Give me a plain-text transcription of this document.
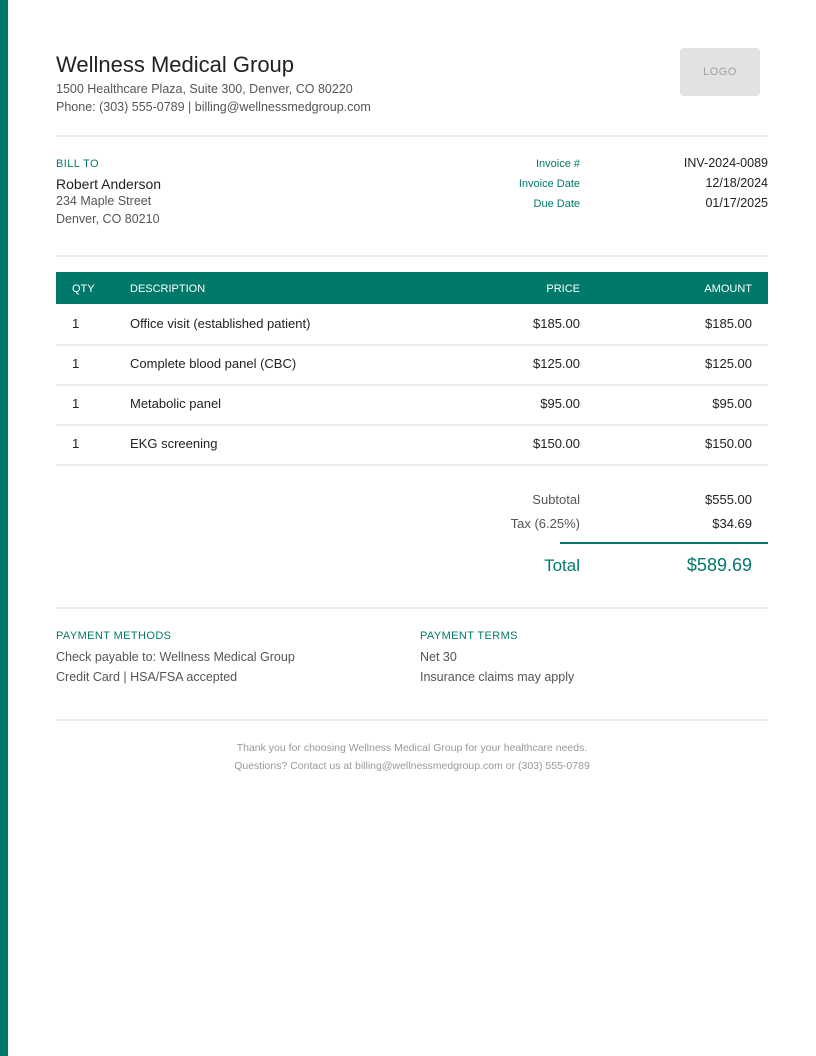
Wellness Medical Group
1500 Healthcare Plaza, Suite 300, Denver, CO 80220
Phone: (303) 555-0789 | billing@wellnessmedgroup.com
LOGO
BILL TO
Robert Anderson
234 Maple Street
Denver, CO 80210
Invoice #	INV-2024-0089
Invoice Date	12/18/2024
Due Date	01/17/2025
QTY	DESCRIPTION	PRICE	AMOUNT
1	Office visit (established patient)	$185.00	$185.00
1	Complete blood panel (CBC)	$125.00	$125.00
1	Metabolic panel	$95.00	$95.00
1	EKG screening	$150.00	$150.00
Subtotal	$555.00
Tax (6.25%)	$34.69
Total	$589.69
PAYMENT METHODS
Check payable to: Wellness Medical Group
Credit Card | HSA/FSA accepted
PAYMENT TERMS
Net 30
Insurance claims may apply
Thank you for choosing Wellness Medical Group for your healthcare needs.
Questions? Contact us at billing@wellnessmedgroup.com or (303) 555-0789
